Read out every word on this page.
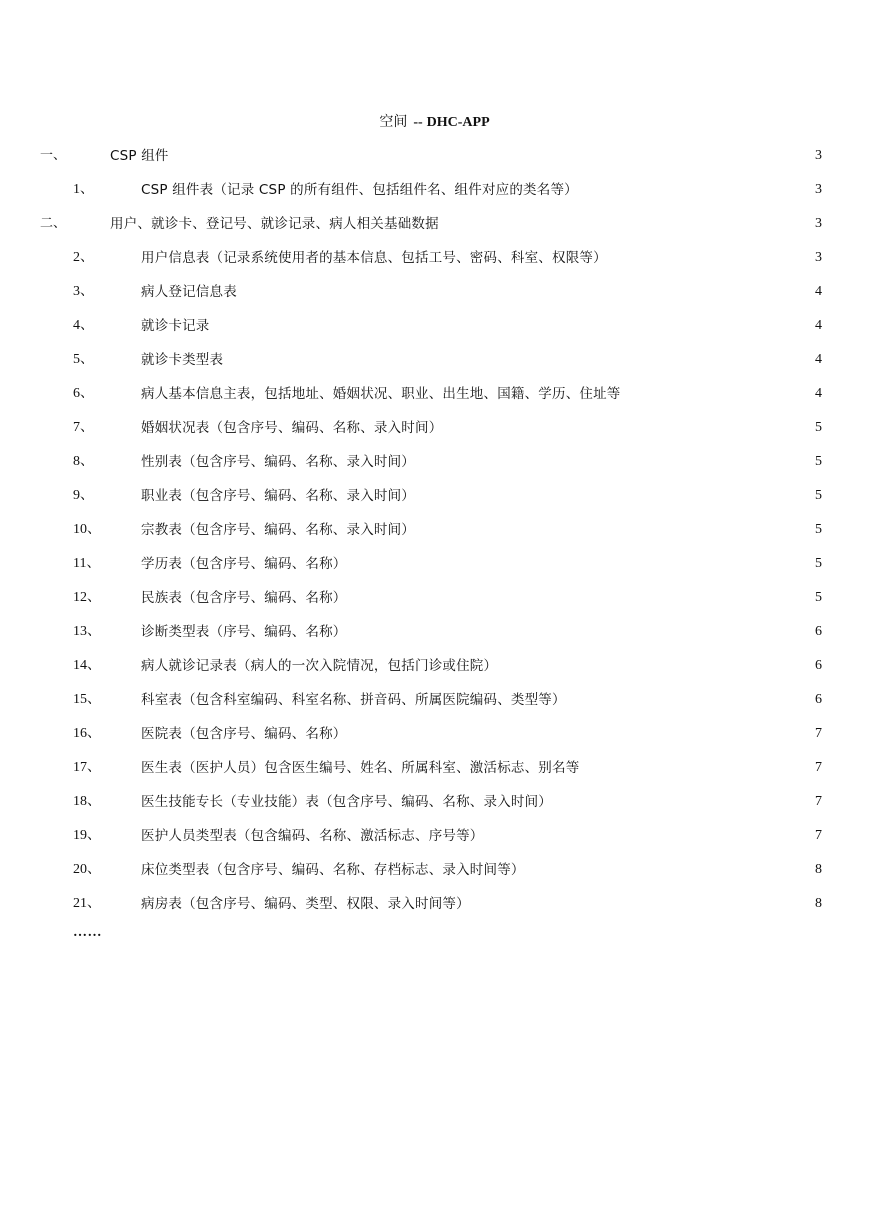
空间 -- DHC-APP
一、	CSP 组件	3
1、	CSP 组件表（记录 CSP 的所有组件、包括组件名、组件对应的类名等）	3
二、	用户、就诊卡、登记号、就诊记录、病人相关基础数据	3
2、	用户信息表（记录系统使用者的基本信息、包括工号、密码、科室、权限等）	3
3、	病人登记信息表	4
4、	就诊卡记录	4
5、	就诊卡类型表	4
6、	病人基本信息主表，包括地址、婚姻状况、职业、出生地、国籍、学历、住址等	4
7、	婚姻状况表（包含序号、编码、名称、录入时间）	5
8、	性别表（包含序号、编码、名称、录入时间）	5
9、	职业表（包含序号、编码、名称、录入时间）	5
10、	宗教表（包含序号、编码、名称、录入时间）	5
11、	学历表（包含序号、编码、名称）	5
12、	民族表（包含序号、编码、名称）	5
13、	诊断类型表（序号、编码、名称）	6
14、	病人就诊记录表（病人的一次入院情况，包括门诊或住院）	6
15、	科室表（包含科室编码、科室名称、拼音码、所属医院编码、类型等）	6
16、	医院表（包含序号、编码、名称）	7
17、	医生表（医护人员）包含医生编号、姓名、所属科室、激活标志、别名等	7
18、	医生技能专长（专业技能）表（包含序号、编码、名称、录入时间）	7
19、	医护人员类型表（包含编码、名称、激活标志、序号等）	7
20、	床位类型表（包含序号、编码、名称、存档标志、录入时间等）	8
21、	病房表（包含序号、编码、类型、权限、录入时间等）	8
……
